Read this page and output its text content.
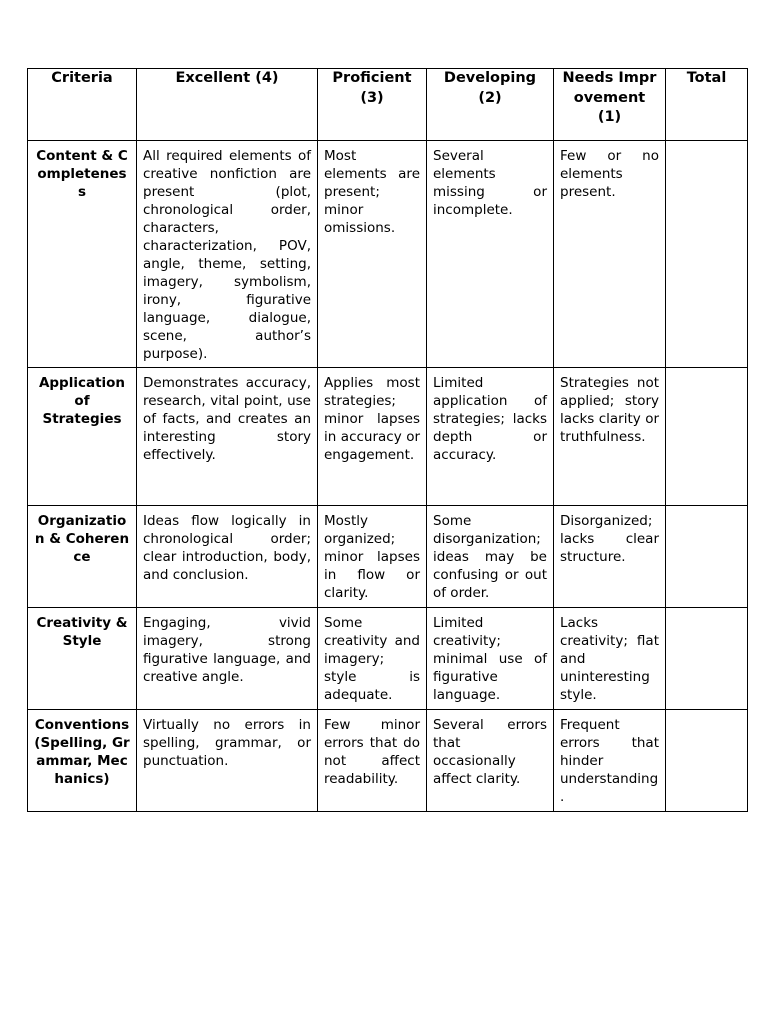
Criteria	Excellent (4)	Proficient (3)	Developing (2)	Needs Improvement (1)	Total
Content & Completeness	All required elements of creative nonfiction are present (plot, chronological order, characters, characterization, POV, angle, theme, setting, imagery, symbolism, irony, figurative language, dialogue, scene, author’s purpose).	Most elements are present; minor omissions.	Several elements missing or incomplete.	Few or no elements present.	
Application of Strategies	Demonstrates accuracy, research, vital point, use of facts, and creates an interesting story effectively.	Applies most strategies; minor lapses in accuracy or engagement.	Limited application of strategies; lacks depth or accuracy.	Strategies not applied; story lacks clarity or truthfulness.	
Organization & Coherence	Ideas flow logically in chronological order; clear introduction, body, and conclusion.	Mostly organized; minor lapses in flow or clarity.	Some disorganization; ideas may be confusing or out of order.	Disorganized; lacks clear structure.	
Creativity & Style	Engaging, vivid imagery, strong figurative language, and creative angle.	Some creativity and imagery; style is adequate.	Limited creativity; minimal use of figurative language.	Lacks creativity; flat and uninteresting style.	
Conventions (Spelling, Grammar, Mechanics)	Virtually no errors in spelling, grammar, or punctuation.	Few minor errors that do not affect readability.	Several errors that occasionally affect clarity.	Frequent errors that hinder understanding.	
